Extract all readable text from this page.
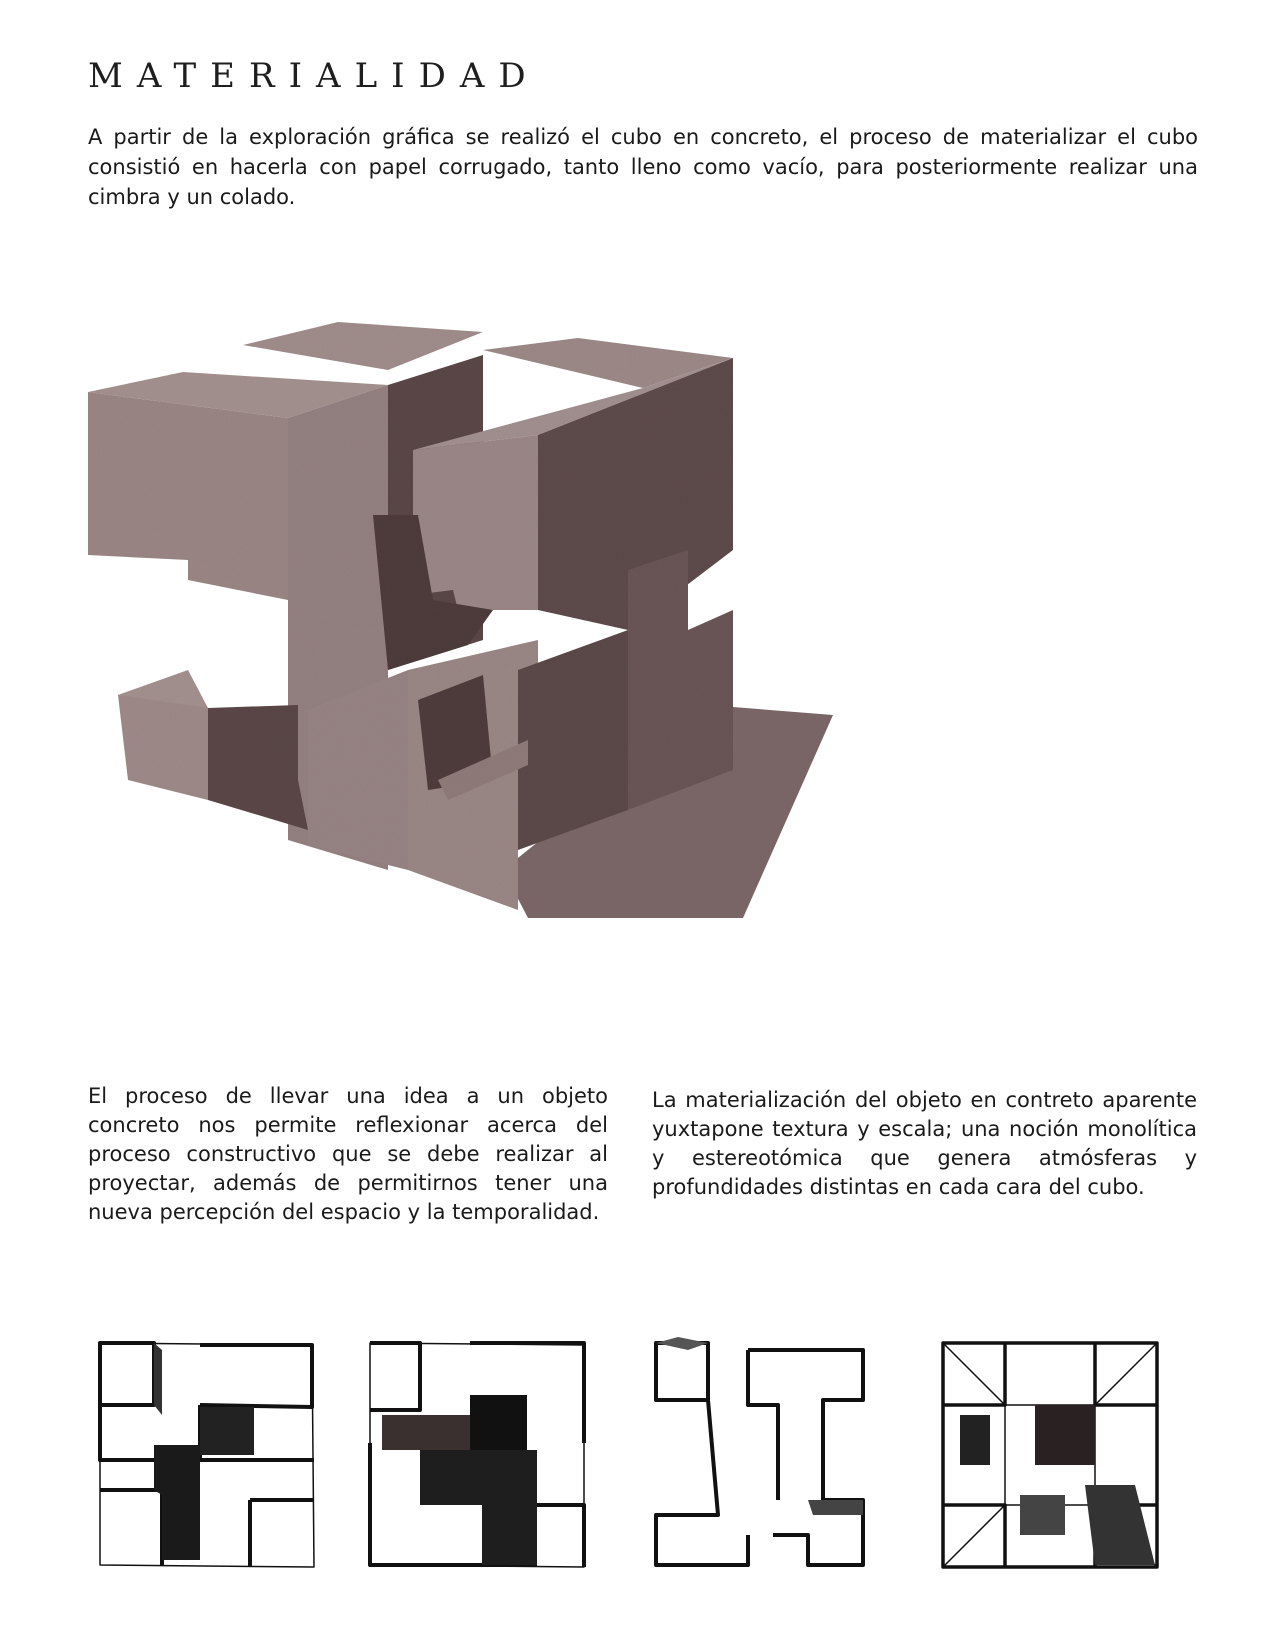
MATERIALIDAD

A partir de la exploración gráfica se realizó el cubo en concreto, el proceso de materializar el cubo consistió en hacerla con papel corrugado, tanto lleno como vacío, para posteriormente realizar una cimbra y un colado.

El proceso de llevar una idea a un objeto concreto nos permite reflexionar acerca del proceso constructivo que se debe realizar al proyectar, además de permitirnos tener una nueva percepción del espacio y la temporalidad.

La materialización del objeto en contreto aparente yuxtapone textura y escala; una noción monolítica y estereotómica que genera atmósferas y profundidades distintas en cada cara del cubo.
